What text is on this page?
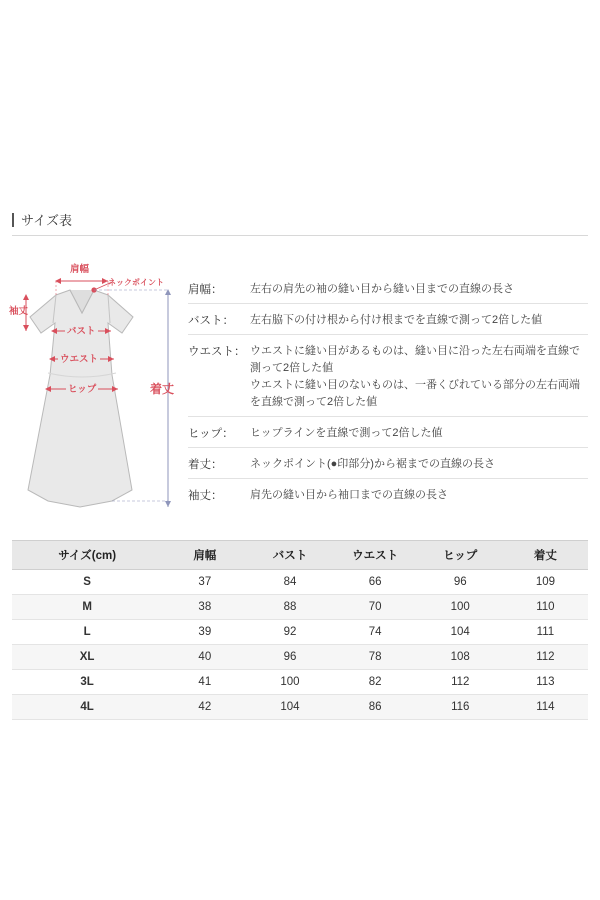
サイズ表
肩幅
ネックポイント
袖丈
バスト
ウエスト
ヒップ	着丈
肩幅：	左右の肩先の袖の縫い目から縫い目までの直線の長さ
バスト：	左右脇下の付け根から付け根までを直線で測って2倍した値
ウエスト： ウエストに縫い目があるものは、縫い目に沿った左右両端を直線で
測って2倍した値
ウエストに縫い目のないものは、一番くびれている部分の左右両端
を直線で測って2倍した値
ヒップ：	ヒップラインを直線で測って2倍した値
着丈：	ネックポイント(●印部分)から裾までの直線の長さ
袖丈：	肩先の縫い目から袖口までの直線の長さ
サイズ(cm)	肩幅	バスト	ウエスト	ヒップ	着丈
S	37	84	66	96	109
M	38	88	70	100	110
L	39	92	74	104	111
XL	40	96	78	108	112
3L	41	100	82	112	113
4L	42	104	86	116	114
